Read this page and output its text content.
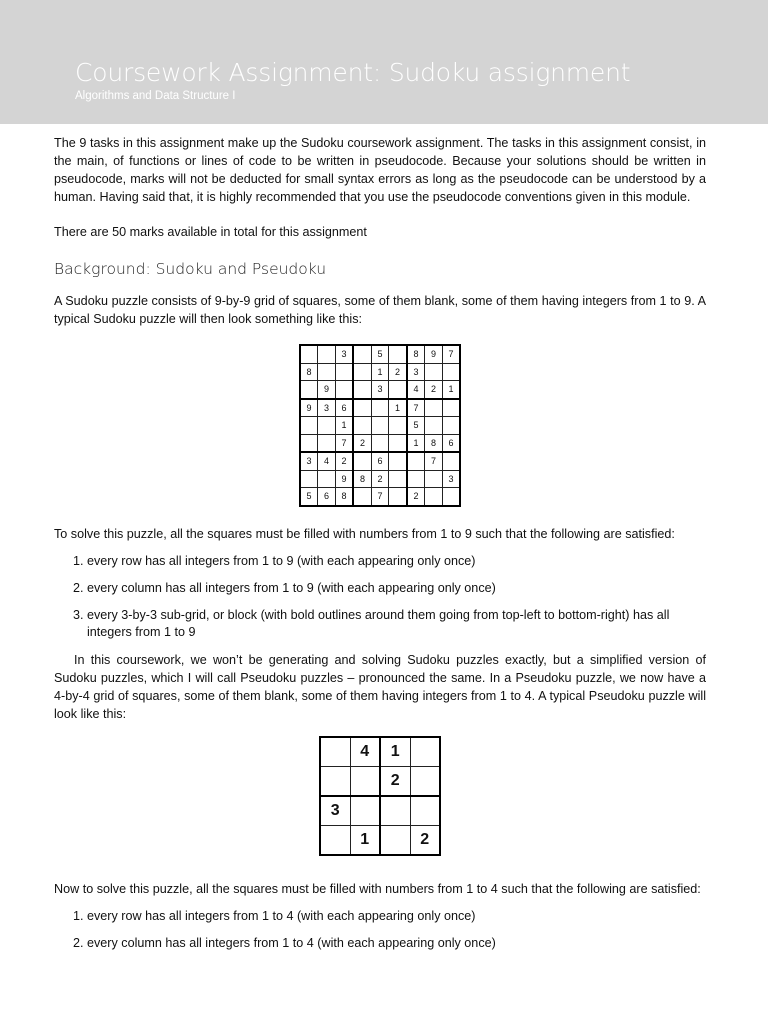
Coursework Assignment: Sudoku assignment
Algorithms and Data Structure I

The 9 tasks in this assignment make up the Sudoku coursework assignment. The tasks in this assignment consist, in the main, of functions or lines of code to be written in pseudocode. Because your solutions should be written in pseudocode, marks will not be deducted for small syntax errors as long as the pseudocode can be understood by a human. Having said that, it is highly recommended that you use the pseudocode conventions given in this module.

There are 50 marks available in total for this assignment

Background: Sudoku and Pseudoku

A Sudoku puzzle consists of 9-by-9 grid of squares, some of them blank, some of them having integers from 1 to 9. A typical Sudoku puzzle will then look something like this:

		3		5		8	9	7
8				1	2	3		
	9			3		4	2	1
9	3	6			1	7		
		1				5		
		7	2			1	8	6
3	4	2		6			7	
		9	8	2				3
5	6	8		7		2		

To solve this puzzle, all the squares must be filled with numbers from 1 to 9 such that the following are satisfied:

1. every row has all integers from 1 to 9 (with each appearing only once)
2. every column has all integers from 1 to 9 (with each appearing only once)
3. every 3-by-3 sub-grid, or block (with bold outlines around them going from top-left to bottom-right) has all integers from 1 to 9

In this coursework, we won’t be generating and solving Sudoku puzzles exactly, but a simplified version of Sudoku puzzles, which I will call Pseudoku puzzles – pronounced the same. In a Pseudoku puzzle, we now have a 4-by-4 grid of squares, some of them blank, some of them having integers from 1 to 4. A typical Pseudoku puzzle will look like this:

	4	1	
		2	
3			
	1		2

Now to solve this puzzle, all the squares must be filled with numbers from 1 to 4 such that the following are satisfied:

1. every row has all integers from 1 to 4 (with each appearing only once)
2. every column has all integers from 1 to 4 (with each appearing only once)
